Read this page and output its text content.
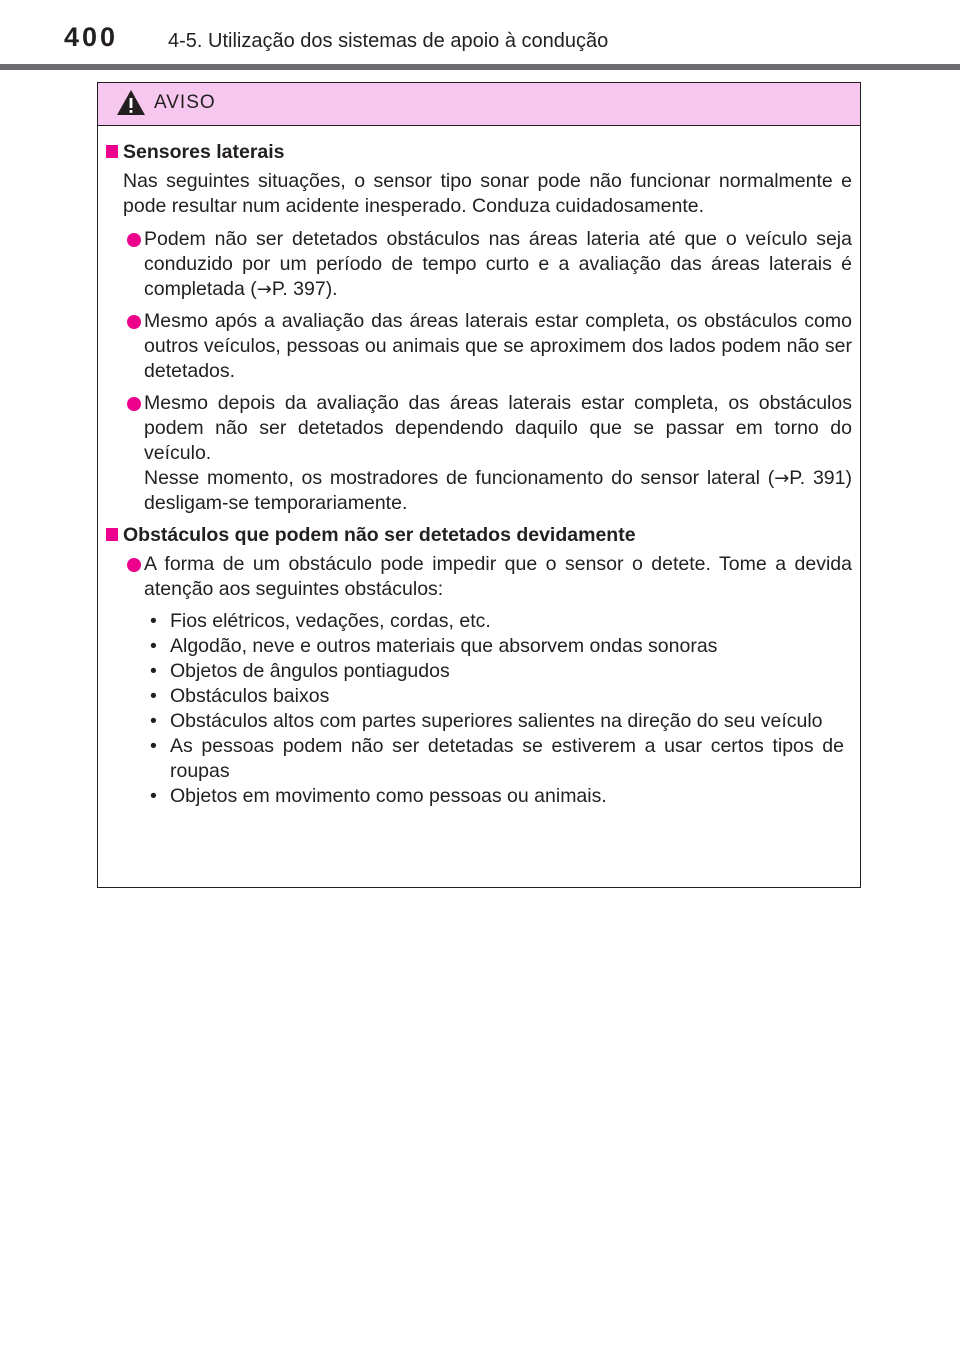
400 4-5. Utilização dos sistemas de apoio à condução
AVISO
Sensores laterais

Nas seguintes situações, o sensor tipo sonar pode não funcionar normalmente e pode resultar num acidente inesperado. Conduza cuidadosamente.

Podem não ser detetados obstáculos nas áreas lateria até que o veículo seja conduzido por um período de tempo curto e a avaliação das áreas laterais é completada (→P. 397).
Mesmo após a avaliação das áreas laterais estar completa, os obstáculos como outros veículos, pessoas ou animais que se aproximem dos lados podem não ser detetados.
Mesmo depois da avaliação das áreas laterais estar completa, os obstáculos podem não ser detetados dependendo daquilo que se passar em torno do veículo.
Nesse momento, os mostradores de funcionamento do sensor lateral (→P. 391) desligam-se temporariamente.
Obstáculos que podem não ser detetados devidamente
A forma de um obstáculo pode impedir que o sensor o detete. Tome a devida atenção aos seguintes obstáculos:
• Fios elétricos, vedações, cordas, etc.
• Algodão, neve e outros materiais que absorvem ondas sonoras
• Objetos de ângulos pontiagudos
• Obstáculos baixos
• Obstáculos altos com partes superiores salientes na direção do seu veículo
• As pessoas podem não ser detetadas se estiverem a usar certos tipos de roupas
• Objetos em movimento como pessoas ou animais.
